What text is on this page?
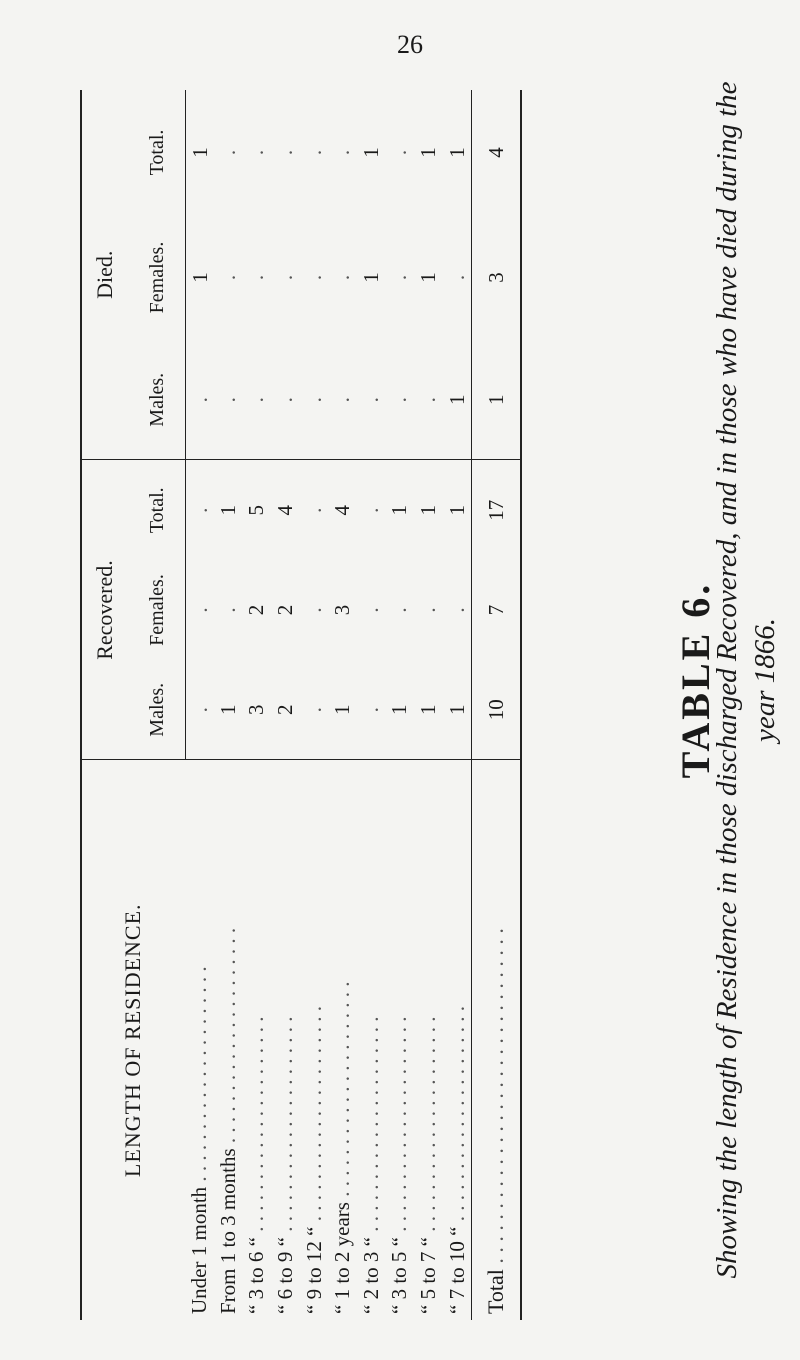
26
TABLE 6.
Showing the length of Residence in those discharged Recovered, and in those who have died during the year 1866.
LENGTH OF RESIDENCE.	Recovered.			Died.		
	Males.	Females.	Total.	Males.	Females.	Total.
Under 1 month . . . . . . . . . . . . . . . . . . . . .	.	.	.	.	1	1
From 1 to 3 months . . . . . . . . . . . . . . . . . . . . .	1	.	1	.	.	.
“ 3 to 6 “ . . . . . . . . . . . . . . . . . . . . .	3	2	5	.	.	.
“ 6 to 9 “ . . . . . . . . . . . . . . . . . . . . .	2	2	4	.	.	.
“ 9 to 12 “ . . . . . . . . . . . . . . . . . . . . .	.	.	.	.	.	.
“ 1 to 2 years . . . . . . . . . . . . . . . . . . . . .	1	3	4	.	.	.
“ 2 to 3 “ . . . . . . . . . . . . . . . . . . . . .	.	.	.	.	1	1
“ 3 to 5 “ . . . . . . . . . . . . . . . . . . . . .	1	.	1	.	.	.
“ 5 to 7 “ . . . . . . . . . . . . . . . . . . . . .	1	.	1	.	1	1
“ 7 to 10 “ . . . . . . . . . . . . . . . . . . . . .	1	.	1	1	.	1
Total . . . . . . . . . . . . . . . . . . . . . . . . . . . . . . .	10	7	17	1	3	4
